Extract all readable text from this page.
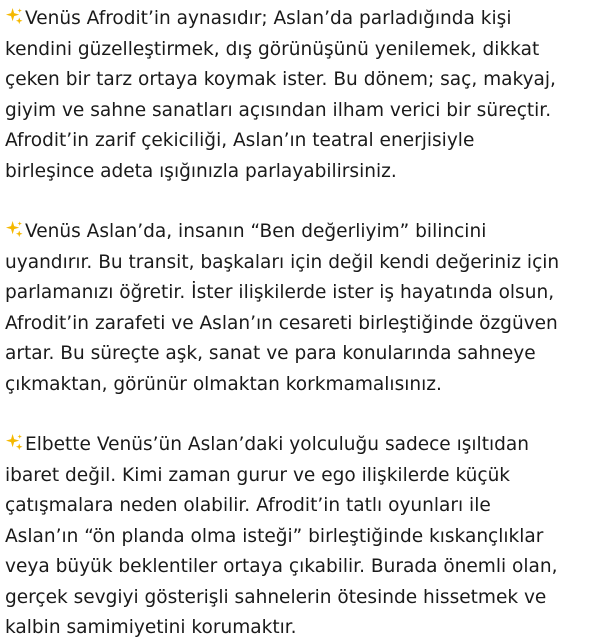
Venüs Afrodit’in aynasıdır; Aslan’da parladığında kişi
kendini güzelleştirmek, dış görünüşünü yenilemek, dikkat
çeken bir tarz ortaya koymak ister. Bu dönem; saç, makyaj,
giyim ve sahne sanatları açısından ilham verici bir süreçtir.
Afrodit’in zarif çekiciliği, Aslan’ın teatral enerjisiyle
birleşince adeta ışığınızla parlayabilirsiniz.

Venüs Aslan’da, insanın “Ben değerliyim” bilincini
uyandırır. Bu transit, başkaları için değil kendi değeriniz için
parlamanızı öğretir. İster ilişkilerde ister iş hayatında olsun,
Afrodit’in zarafeti ve Aslan’ın cesareti birleştiğinde özgüven
artar. Bu süreçte aşk, sanat ve para konularında sahneye
çıkmaktan, görünür olmaktan korkmamalısınız.

Elbette Venüs’ün Aslan’daki yolculuğu sadece ışıltıdan
ibaret değil. Kimi zaman gurur ve ego ilişkilerde küçük
çatışmalara neden olabilir. Afrodit’in tatlı oyunları ile
Aslan’ın “ön planda olma isteği” birleştiğinde kıskançlıklar
veya büyük beklentiler ortaya çıkabilir. Burada önemli olan,
gerçek sevgiyi gösterişli sahnelerin ötesinde hissetmek ve
kalbin samimiyetini korumaktır.
